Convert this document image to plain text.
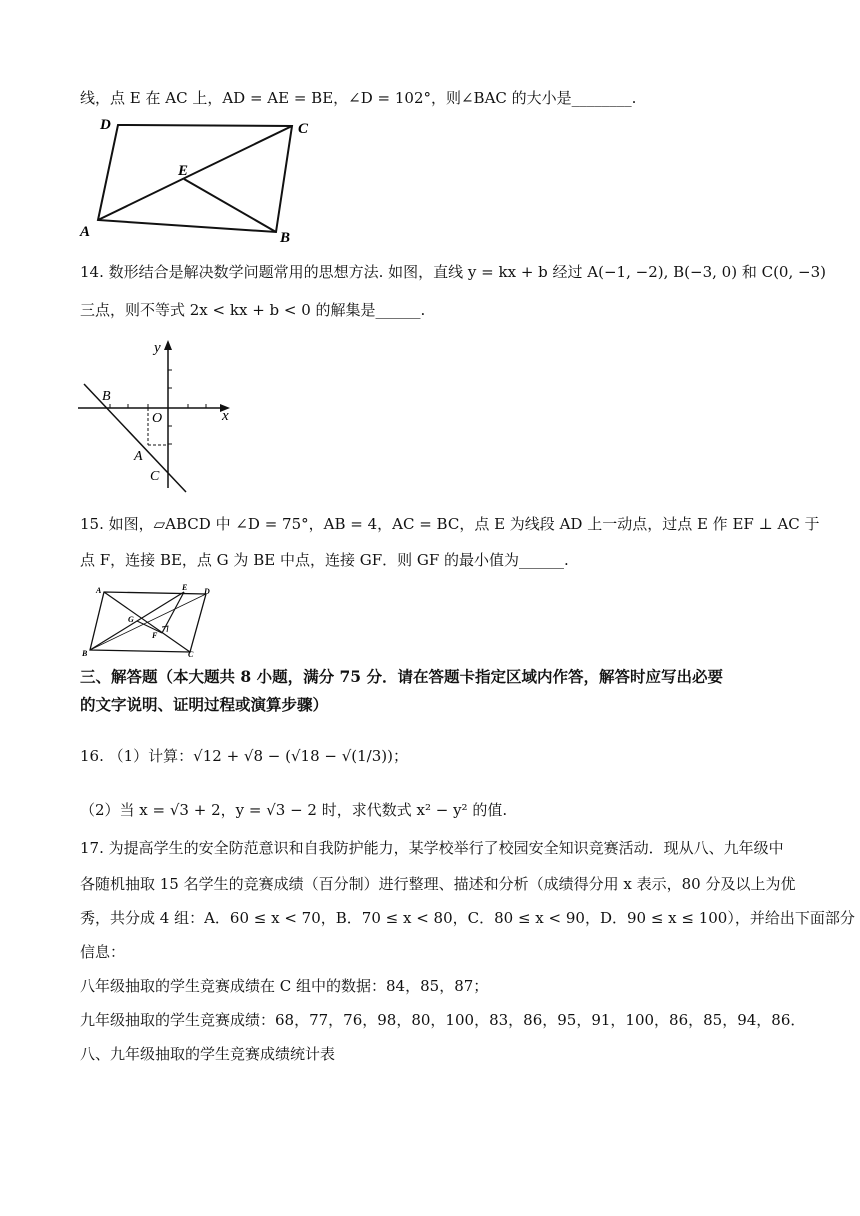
线，点 E 在 AC 上，AD = AE = BE，∠D = 102°，则∠BAC 的大小是________.
D	C
E
A	B
14. 数形结合是解决数学问题常用的思想方法. 如图，直线 y = kx + b 经过 A(−1, −2), B(−3, 0) 和 C(0, −3)
三点，则不等式 2x < kx + b < 0 的解集是______.
y
x
O
B
A
C
15. 如图，▱ABCD 中 ∠D = 75°，AB = 4，AC = BC，点 E 为线段 AD 上一动点，过点 E 作 EF ⊥ AC 于
点 F，连接 BE，点 G 为 BE 中点，连接 GF．则 GF 的最小值为______.
A	E D
G
F
B	C
三、解答题（本大题共 8 小题，满分 75 分．请在答题卡指定区域内作答，解答时应写出必要
的文字说明、证明过程或演算步骤）
16. （1）计算：√12 + √8 − (√18 − √(1/3))；
（2）当 x = √3 + 2，y = √3 − 2 时，求代数式 x² − y² 的值.
17. 为提高学生的安全防范意识和自我防护能力，某学校举行了校园安全知识竞赛活动．现从八、九年级中
各随机抽取 15 名学生的竞赛成绩（百分制）进行整理、描述和分析（成绩得分用 x 表示，80 分及以上为优
秀，共分成 4 组：A．60 ≤ x < 70，B．70 ≤ x < 80，C．80 ≤ x < 90，D．90 ≤ x ≤ 100），并给出下面部分
信息：
八年级抽取的学生竞赛成绩在 C 组中的数据：84，85，87；
九年级抽取的学生竞赛成绩：68，77，76，98，80，100，83，86，95，91，100，86，85，94，86．
八、九年级抽取的学生竞赛成绩统计表
